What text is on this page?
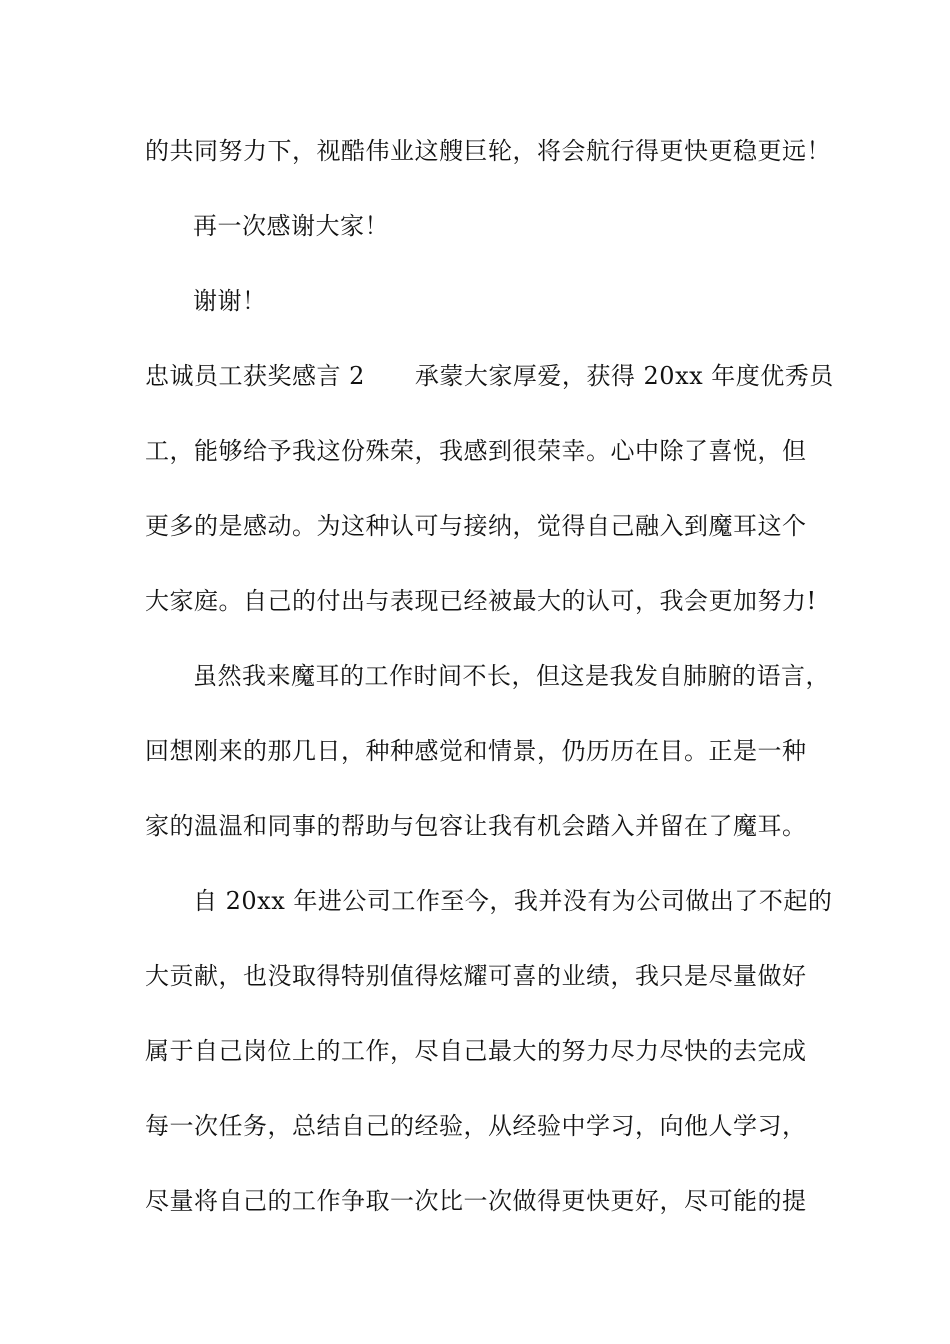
的共同努力下，视酷伟业这艘巨轮，将会航行得更快更稳更远！
再一次感谢大家！
谢谢！
忠诚员工获奖感言 2 承蒙大家厚爱，获得 20xx 年度优秀员
工，能够给予我这份殊荣，我感到很荣幸。心中除了喜悦，但
更多的是感动。为这种认可与接纳，觉得自己融入到魔耳这个
大家庭。自己的付出与表现已经被最大的认可，我会更加努力!
虽然我来魔耳的工作时间不长，但这是我发自肺腑的语言，
回想刚来的那几日，种种感觉和情景，仍历历在目。正是一种
家的温温和同事的帮助与包容让我有机会踏入并留在了魔耳。
自 20xx 年进公司工作至今，我并没有为公司做出了不起的
大贡献，也没取得特别值得炫耀可喜的业绩，我只是尽量做好
属于自己岗位上的工作，尽自己最大的努力尽力尽快的去完成
每一次任务，总结自己的经验，从经验中学习，向他人学习，
尽量将自己的工作争取一次比一次做得更快更好，尽可能的提
